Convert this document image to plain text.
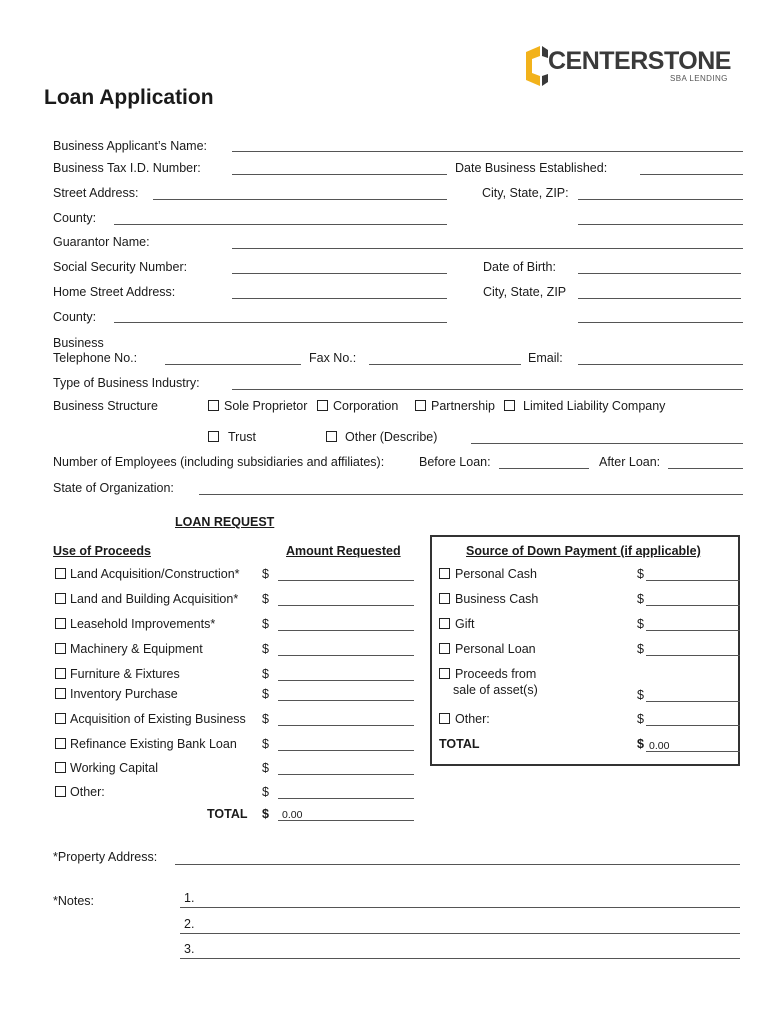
CENTERSTONE
SBA LENDING
Loan Application
Business Applicant’s Name:
Business Tax I.D. Number:	Date Business Established:
Street Address:	City, State, ZIP:
County:
Guarantor Name:
Social Security Number:	Date of Birth:
Home Street Address:	City, State, ZIP
County:
Business
Telephone No.:	Fax No.:	Email:
Type of Business Industry:
Business Structure	Sole Proprietor Corporation	Partnership Limited Liability Company
Trust	Other (Describe)
Number of Employees (including subsidiaries and affiliates):	Before Loan:	After Loan:
State of Organization:
LOAN REQUEST
Use of Proceeds	Amount Requested
Land Acquisition/Construction* $
Land and Building Acquisition* $
Leasehold Improvements*	$
Machinery & Equipment	$
Furniture & Fixtures	$
Inventory Purchase	$
Acquisition of Existing Business $
Refinance Existing Bank Loan $
Working Capital	$
Other:	$
TOTAL $ 0.00
Source of Down Payment (if applicable)
Personal Cash	$
Business Cash	$
Gift	$
Personal Loan	$
Proceeds from
sale of asset(s)	$
Other:	$
TOTAL	$ 0.00
*Property Address:
*Notes:	1.
2.
3.
